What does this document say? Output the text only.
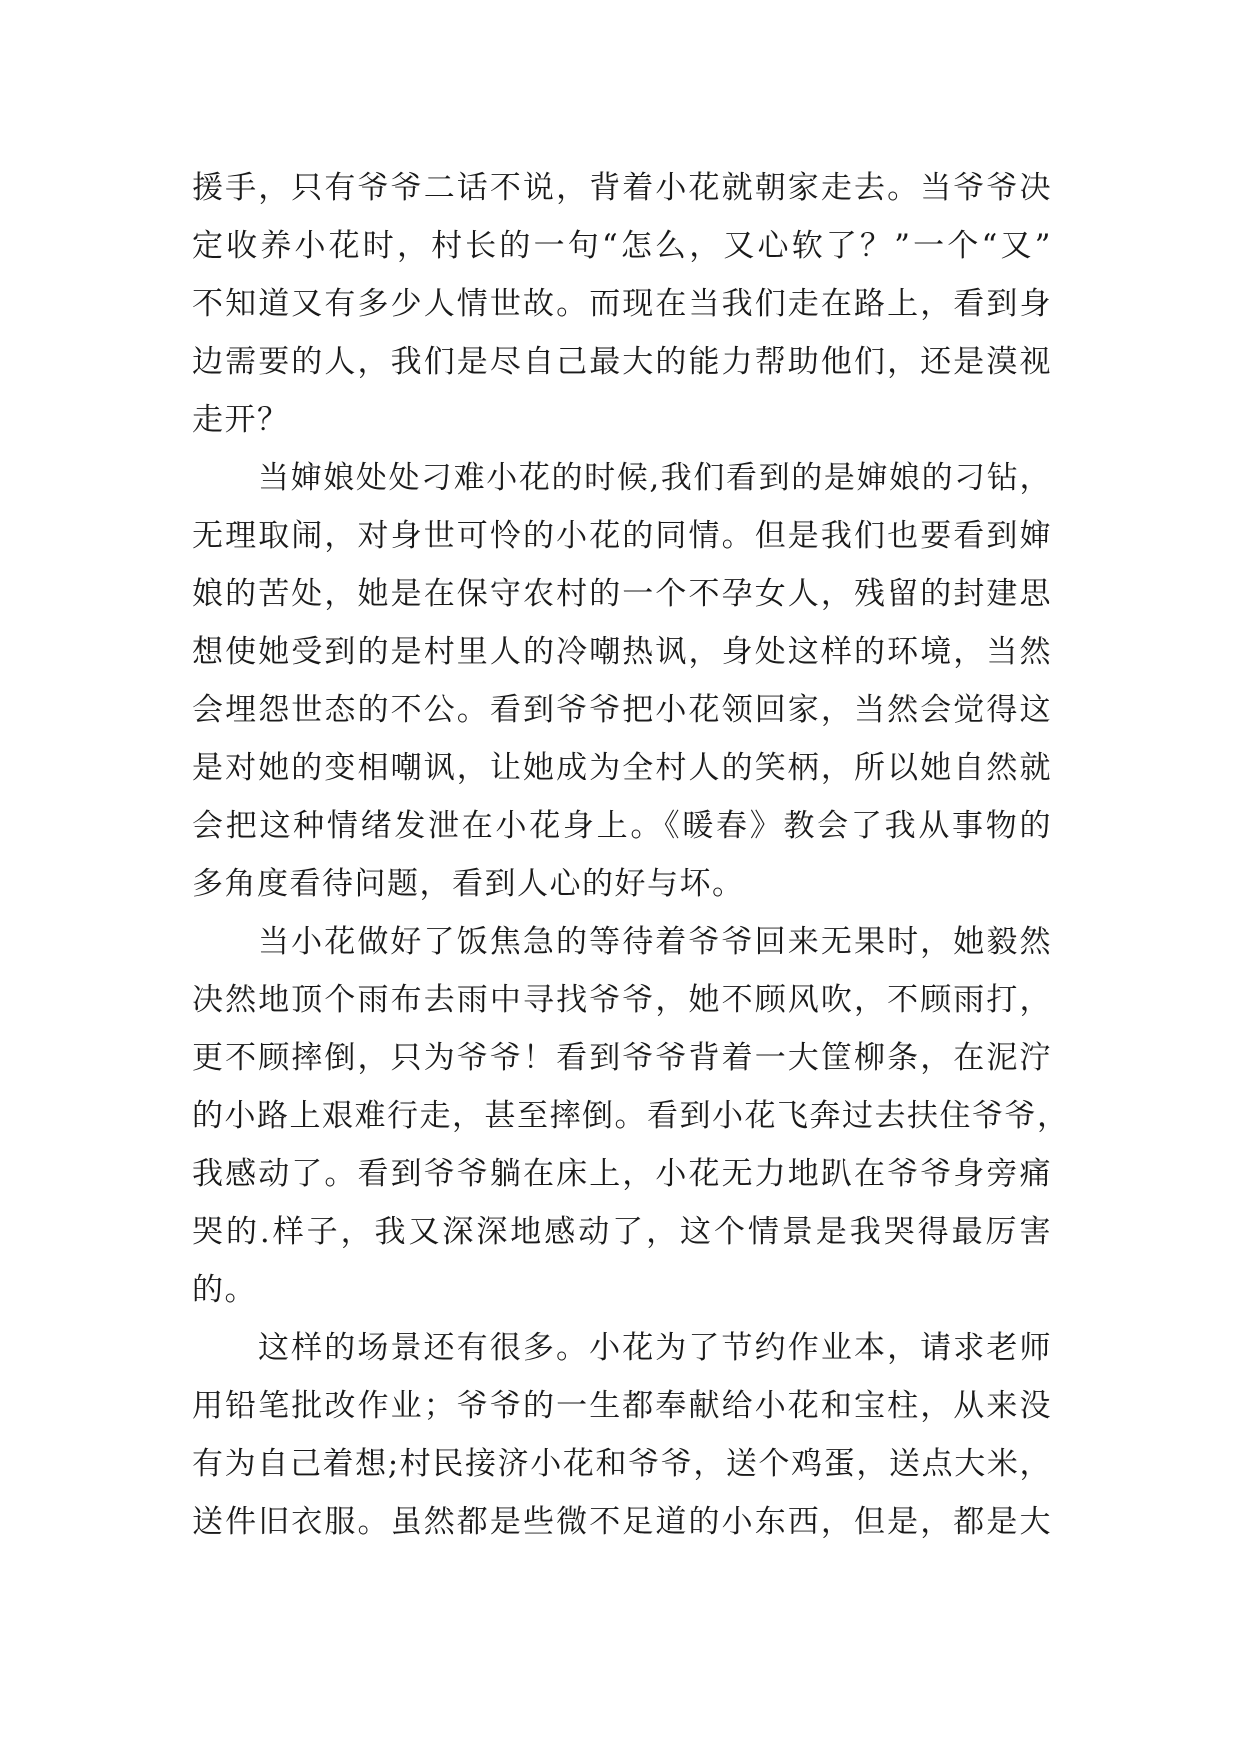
援手，只有爷爷二话不说，背着小花就朝家走去。当爷爷决
定收养小花时，村长的一句“怎么，又心软了？”一个“又”
不知道又有多少人情世故。而现在当我们走在路上，看到身
边需要的人，我们是尽自己最大的能力帮助他们，还是漠视
走开？
当婶娘处处刁难小花的时候,我们看到的是婶娘的刁钻，
无理取闹，对身世可怜的小花的同情。但是我们也要看到婶
娘的苦处，她是在保守农村的一个不孕女人，残留的封建思
想使她受到的是村里人的冷嘲热讽，身处这样的环境，当然
会埋怨世态的不公。看到爷爷把小花领回家，当然会觉得这
是对她的变相嘲讽，让她成为全村人的笑柄，所以她自然就
会把这种情绪发泄在小花身上。《暖春》教会了我从事物的
多角度看待问题，看到人心的好与坏。
当小花做好了饭焦急的等待着爷爷回来无果时，她毅然
决然地顶个雨布去雨中寻找爷爷，她不顾风吹，不顾雨打，
更不顾摔倒，只为爷爷！看到爷爷背着一大筐柳条，在泥泞
的小路上艰难行走，甚至摔倒。看到小花飞奔过去扶住爷爷，
我感动了。看到爷爷躺在床上，小花无力地趴在爷爷身旁痛
哭的.样子，我又深深地感动了，这个情景是我哭得最厉害
的。
这样的场景还有很多。小花为了节约作业本，请求老师
用铅笔批改作业；爷爷的一生都奉献给小花和宝柱，从来没
有为自己着想;村民接济小花和爷爷，送个鸡蛋，送点大米，
送件旧衣服。虽然都是些微不足道的小东西，但是，都是大
